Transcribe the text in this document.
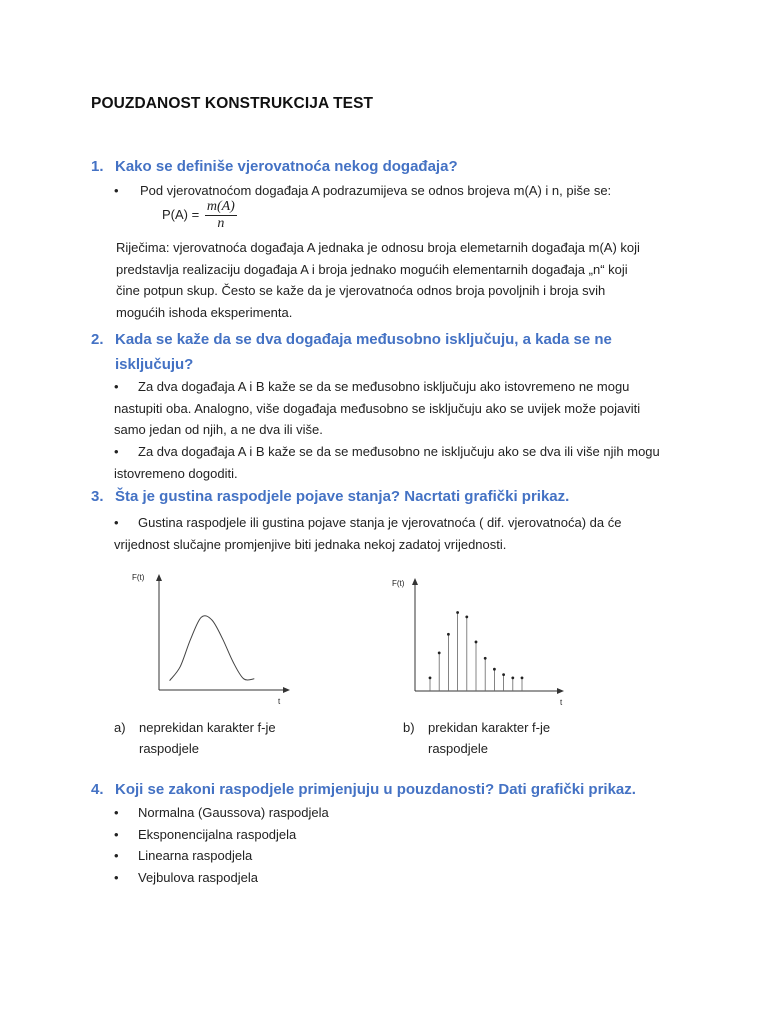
POUZDANOST KONSTRUKCIJA TEST
1. Kako se definiše vjerovatnoća nekog događaja?
• Pod vjerovatnoćom događaja A podrazumijeva se odnos brojeva m(A) i n, piše se:
$P(A) = \frac{m(A)}{n}$
Riječima: vjerovatnoća događaja A jednaka je odnosu broja elemetarnih događaja m(A) koji
predstavlja realizaciju događaja A i broja jednako mogućih elementarnih događaja „n“ koji
čine potpun skup. Često se kaže da je vjerovatnoća odnos broja povoljnih i broja svih
mogućih ishoda eksperimenta.
2. Kada se kaže da se dva događaja međusobno isključuju, a kada se ne
isključuju?
• Za dva događaja A i B kaže se da se međusobno isključuju ako istovremeno ne mogu
nastupiti oba. Analogno, više događaja međusobno se isključuju ako se uvijek može pojaviti
samo jedan od njih, a ne dva ili više.
• Za dva događaja A i B kaže se da se međusobno ne isključuju ako se dva ili više njih mogu
istovremeno dogoditi.
3. Šta je gustina raspodjele pojave stanja? Nacrtati grafički prikaz.
• Gustina raspodjele ili gustina pojave stanja je vjerovatnoća ( dif. vjerovatnoća) da će
vrijednost slučajne promjenjive biti jednaka nekoj zadatoj vrijednosti.
F(t)
t
F(t)
t
a) neprekidan karakter f-je
raspodjele
b) prekidan karakter f-je
raspodjele
4. Koji se zakoni raspodjele primjenjuju u pouzdanosti? Dati grafički prikaz.
• Normalna (Gaussova) raspodjela
• Eksponencijalna raspodjela
• Linearna raspodjela
• Vejbulova raspodjela
